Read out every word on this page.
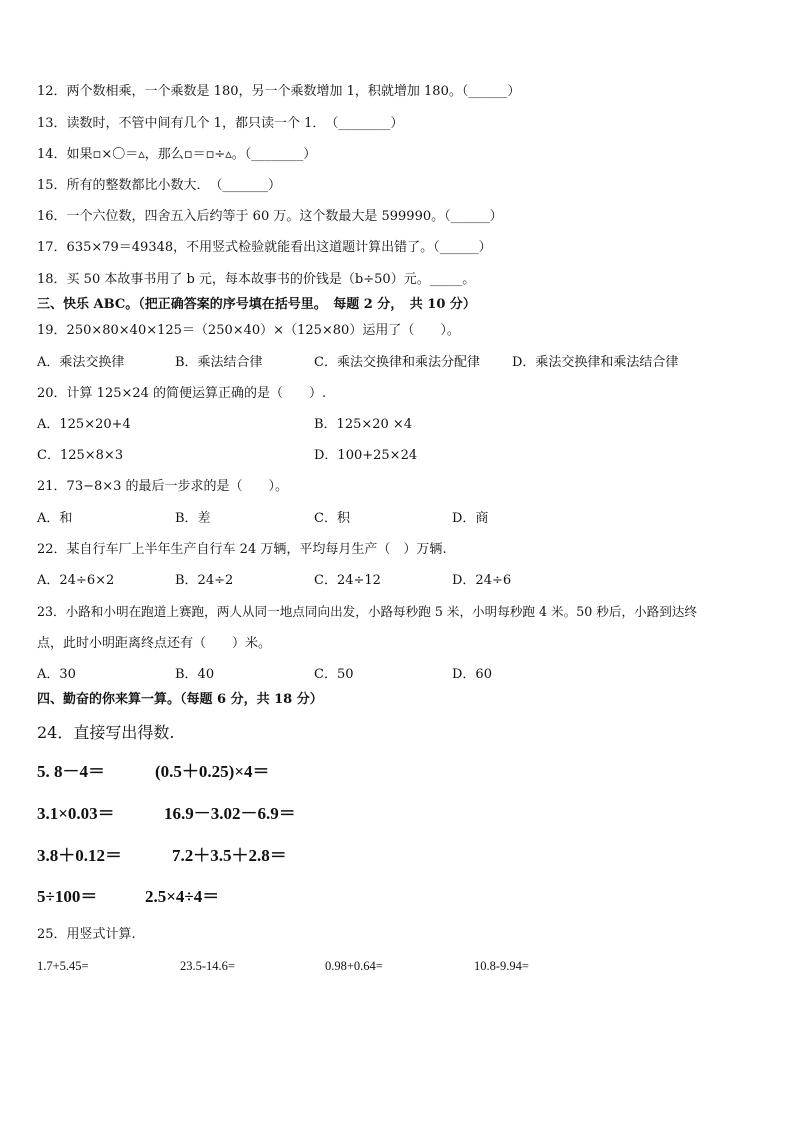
12．两个数相乘，一个乘数是 180，另一个乘数增加 1，积就增加 180。（______）
13．读数时，不管中间有几个 1，都只读一个 1．　（________）
14．如果▫×〇＝▵，那么▫＝▫÷▵。（________）
15．所有的整数都比小数大．　（_______）
16．一个六位数，四舍五入后约等于 60 万。这个数最大是 599990。（______）
17．635×79＝49348，不用竖式检验就能看出这道题计算出错了。（______）
18．买 50 本故事书用了 b 元，每本故事书的价钱是（b÷50）元。_____。
三、快乐 ABC。（把正确答案的序号填在括号里。　每题 2 分，　共 10 分）
19．250×80×40×125＝（250×40）×（125×80）运用了（　　）。
A．乘法交换律	B．乘法结合律	C．乘法交换律和乘法分配律 D．乘法交换律和乘法结合律
20．计算 125×24 的简便运算正确的是（　　）.
A．125×20+4	B．125×20 ×4
C．125×8×3	D．100+25×24
21．73−8×3 的最后一步求的是（　　）。
A．和	B．差	C．积	D．商
22．某自行车厂上半年生产自行车 24 万辆，平均每月生产（　）万辆.
A．24÷6×2	B．24÷2	C．24÷12	D．24÷6
23．小路和小明在跑道上赛跑，两人从同一地点同向出发，小路每秒跑 5 米，小明每秒跑 4 米。50 秒后，小路到达终
点，此时小明距离终点还有（　　）米。
A．30	B．40	C．50	D．60
四、勤奋的你来算一算。（每题 6 分，共 18 分）
24．直接写出得数.
5. 8－4＝	(0.5＋0.25)×4＝
3.1×0.03＝	16.9－3.02－6.9＝
3.8＋0.12＝	7.2＋3.5＋2.8＝
5÷100＝	2.5×4÷4＝
25．用竖式计算.
1.7+5.45=	23.5-14.6=	0.98+0.64=	10.8-9.94=
